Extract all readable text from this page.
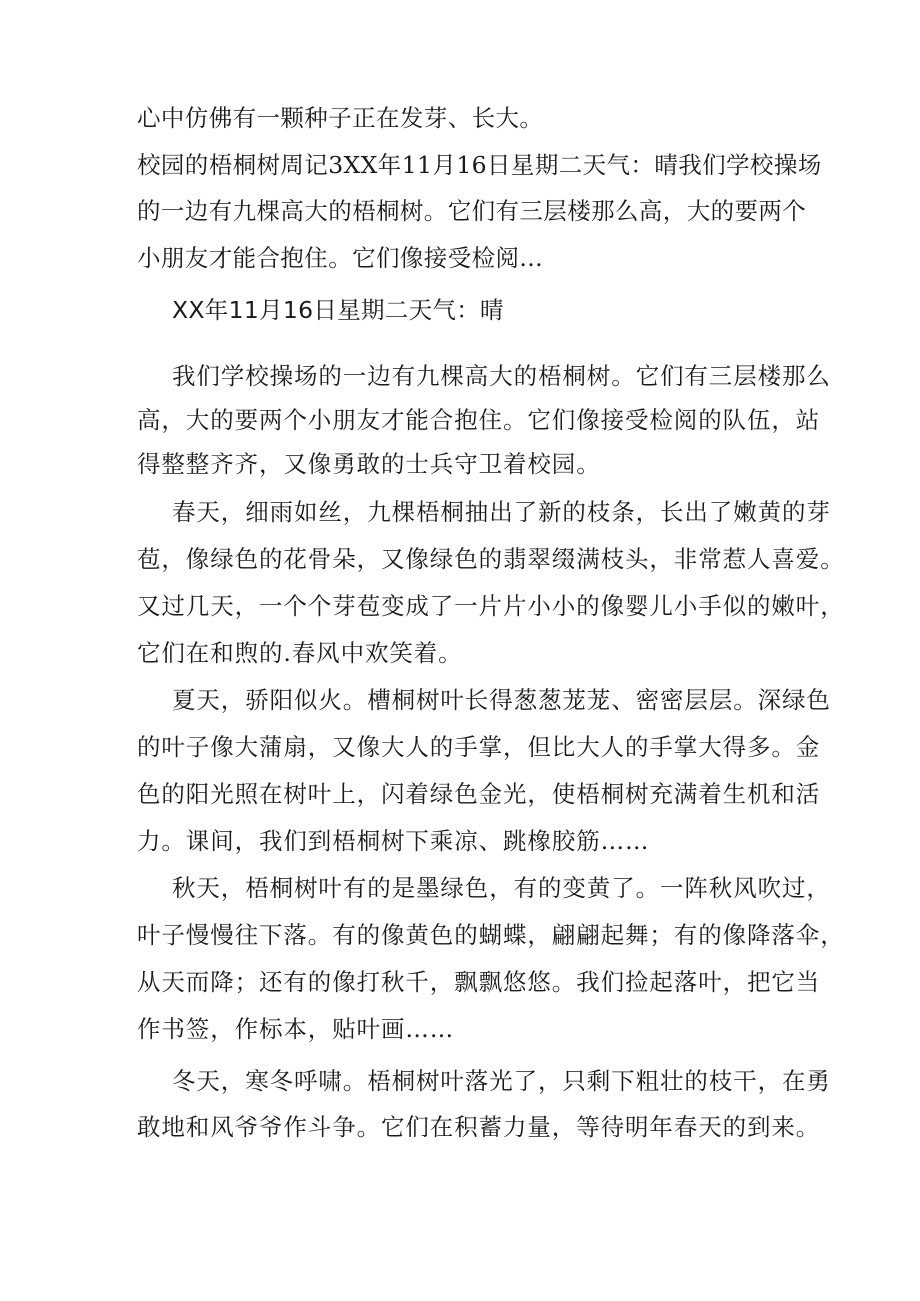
心中仿佛有一颗种子正在发芽、长大。
校园的梧桐树周记3XX年11月16日星期二天气：晴我们学校操场
的一边有九棵高大的梧桐树。它们有三层楼那么高，大的要两个
小朋友才能合抱住。它们像接受检阅...
XX年11月16日星期二天气：晴
我们学校操场的一边有九棵高大的梧桐树。它们有三层楼那么
高，大的要两个小朋友才能合抱住。它们像接受检阅的队伍，站
得整整齐齐，又像勇敢的士兵守卫着校园。
春天，细雨如丝，九棵梧桐抽出了新的枝条，长出了嫩黄的芽
苞，像绿色的花骨朵，又像绿色的翡翠缀满枝头，非常惹人喜爱。
又过几天，一个个芽苞变成了一片片小小的像婴儿小手似的嫩叶，
它们在和煦的.春风中欢笑着。
夏天，骄阳似火。槽桐树叶长得葱葱茏茏、密密层层。深绿色
的叶子像大蒲扇，又像大人的手掌，但比大人的手掌大得多。金
色的阳光照在树叶上，闪着绿色金光，使梧桐树充满着生机和活
力。课间，我们到梧桐树下乘凉、跳橡胶筋……
秋天，梧桐树叶有的是墨绿色，有的变黄了。一阵秋风吹过，
叶子慢慢往下落。有的像黄色的蝴蝶，翩翩起舞；有的像降落伞，
从天而降；还有的像打秋千，飘飘悠悠。我们捡起落叶，把它当
作书签，作标本，贴叶画……
冬天，寒冬呼啸。梧桐树叶落光了，只剩下粗壮的枝干，在勇
敢地和风爷爷作斗争。它们在积蓄力量，等待明年春天的到来。
